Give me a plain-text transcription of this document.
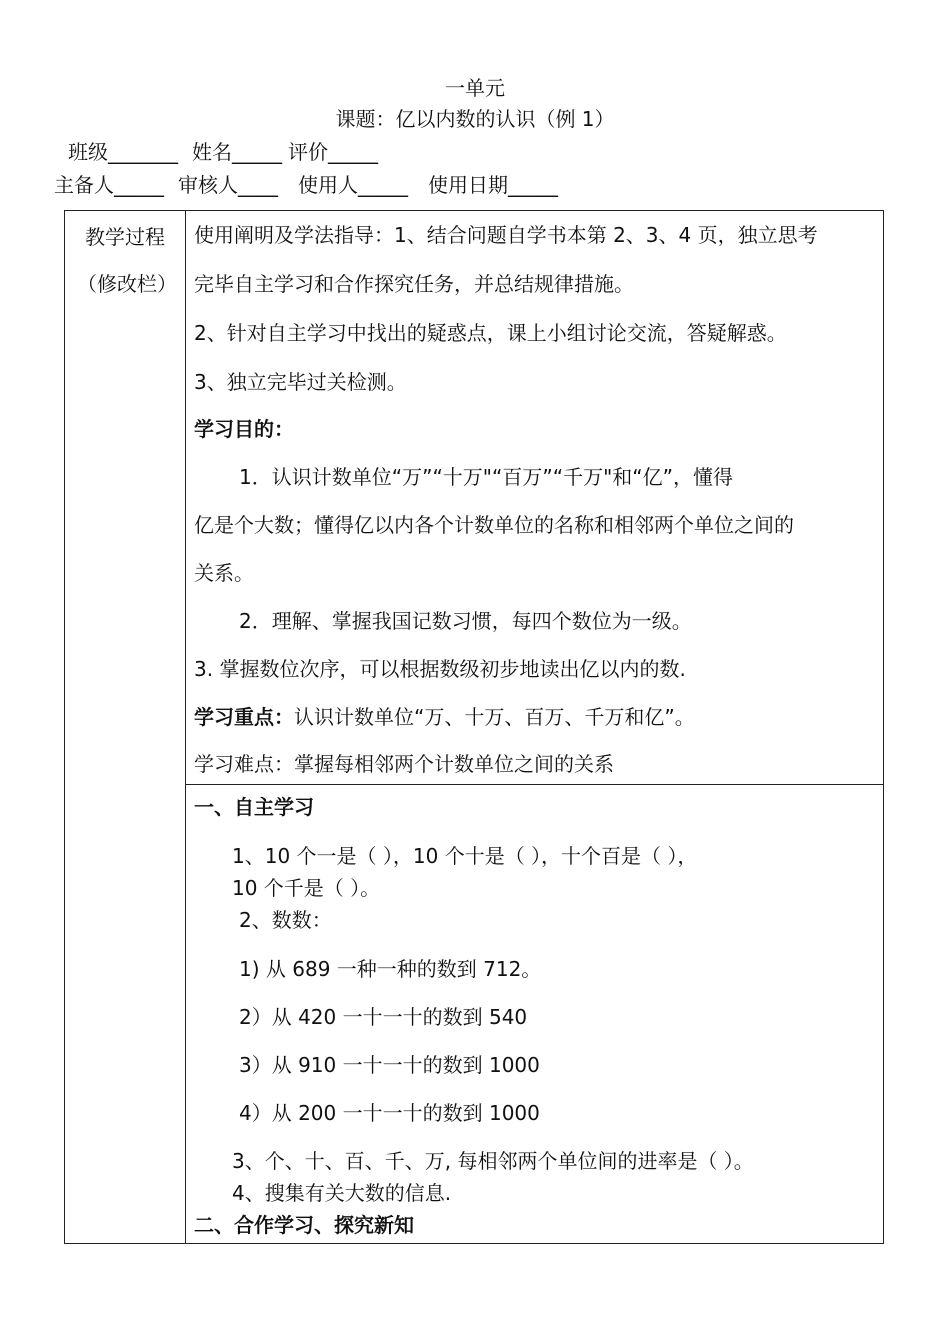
一单元
课题：亿以内数的认识（例 1）
班级_______ 姓名_____ 评价_____
主备人_____ 审核人____ 使用人_____ 使用日期_____
教学过程
（修改栏）
使用阐明及学法指导：1、结合问题自学书本第 2、3、4 页，独立思考
完毕自主学习和合作探究任务，并总结规律措施。
2、针对自主学习中找出的疑惑点，课上小组讨论交流，答疑解惑。
3、独立完毕过关检测。
学习目的：
1．认识计数单位“万”“十万"“百万”“千万"和“亿”，懂得
亿是个大数；懂得亿以内各个计数单位的名称和相邻两个单位之间的
关系。
2．理解、掌握我国记数习惯，每四个数位为一级。
3. 掌握数位次序，可以根据数级初步地读出亿以内的数.
学习重点：认识计数单位“万、十万、百万、千万和亿”。
学习难点：掌握每相邻两个计数单位之间的关系
一、自主学习
1、10 个一是（ ），10 个十是（ ），十个百是（ ），
10 个千是（ ）。
2、数数：
1) 从 689 一种一种的数到 712。
2）从 420 一十一十的数到 540
3）从 910 一十一十的数到 1000
4）从 200 一十一十的数到 1000
3、个、十、百、千、万, 每相邻两个单位间的进率是（ ）。
4、搜集有关大数的信息.
二、合作学习、探究新知
